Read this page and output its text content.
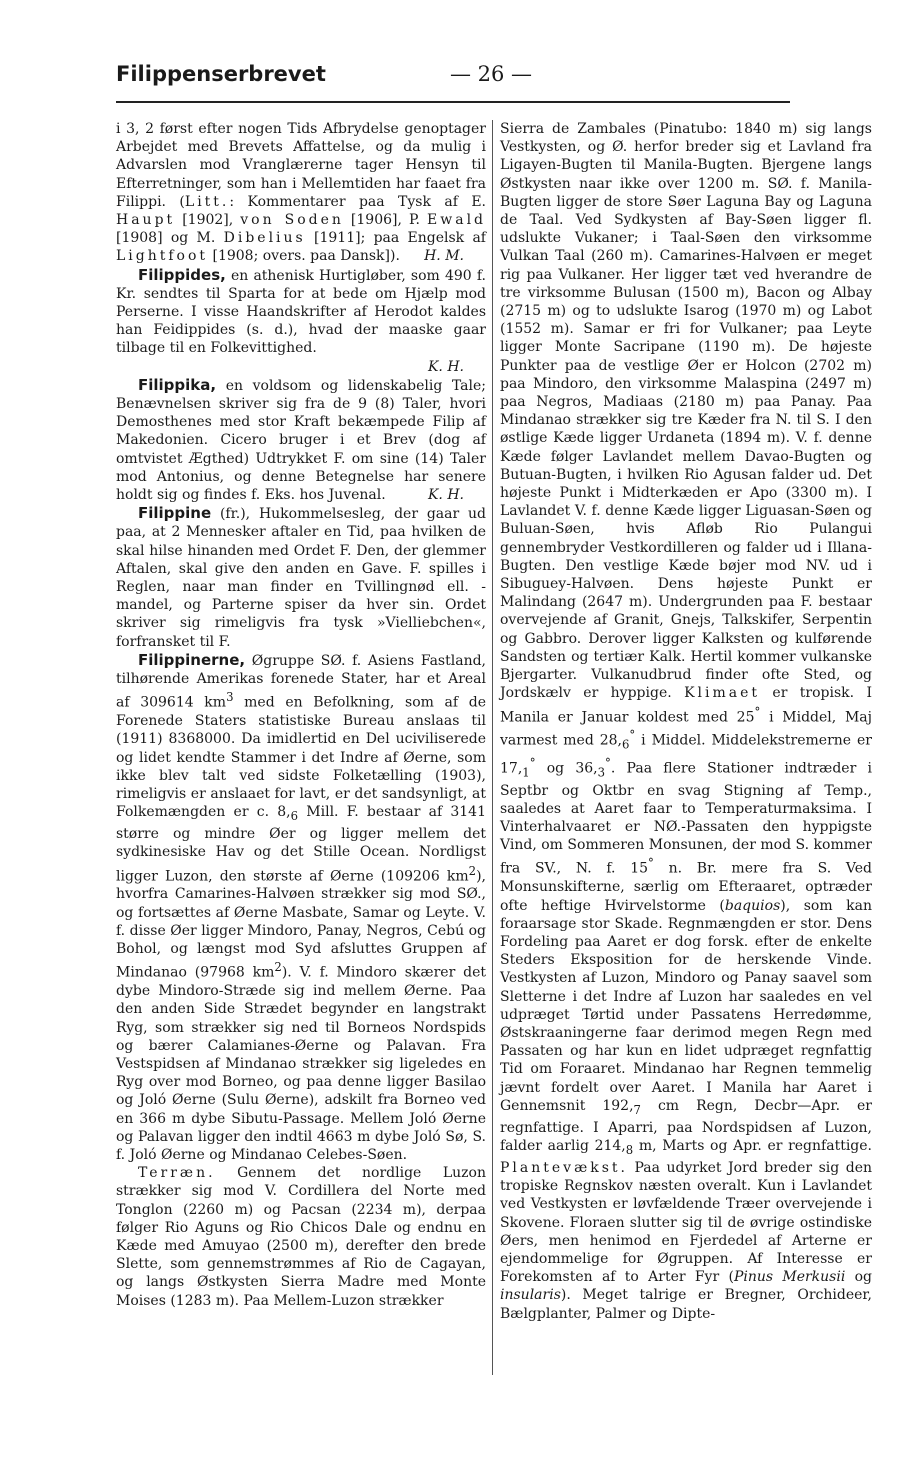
Filippenserbrevet	— 26 —

i 3, 2 først efter nogen Tids Afbrydelse genoptager Arbejdet med Brevets Affattelse, og da mulig i Advarslen mod Vranglærerne tager Hensyn til Efterretninger, som han i Mellemtiden har faaet fra Filippi. (Litt.: Kommentarer paa Tysk af E. Haupt [1902], von Soden [1906], P. Ewald [1908] og M. Dibelius [1911]; paa Engelsk af Lightfoot [1908; overs. paa Dansk]). H. M.

Filippides, en athenisk Hurtigløber, som 490 f. Kr. sendtes til Sparta for at bede om Hjælp mod Perserne. I visse Haandskrifter af Herodot kaldes han Feidippides (s. d.), hvad der maaske gaar tilbage til en Folkevittighed.
K. H.

Filippika, en voldsom og lidenskabelig Tale; Benævnelsen skriver sig fra de 9 (8) Taler, hvori Demosthenes med stor Kraft bekæmpede Filip af Makedonien. Cicero bruger i et Brev (dog af omtvistet Ægthed) Udtrykket F. om sine (14) Taler mod Antonius, og denne Betegnelse har senere holdt sig og findes f. Eks. hos Juvenal.	K. H.

Filippine (fr.), Hukommelsesleg, der gaar ud paa, at 2 Mennesker aftaler en Tid, paa hvilken de skal hilse hinanden med Ordet F. Den, der glemmer Aftalen, skal give den anden en Gave. F. spilles i Reglen, naar man finder en Tvillingnød ell. -mandel, og Parterne spiser da hver sin. Ordet skriver sig rimeligvis fra tysk »Vielliebchen«, forfransket til F.

Filippinerne, Øgruppe SØ. f. Asiens Fastland, tilhørende Amerikas forenede Stater, har et Areal af 309614 $km^3$ med en Befolkning, som af de Forenede Staters statistiske Bureau anslaas til (1911) 8368000. Da imidlertid en Del uciviliserede og lidet kendte Stammer i det Indre af Øerne, som ikke blev talt ved sidste Folketælling (1903), rimeligvis er anslaaet for lavt, er det sandsynligt, at Folkemængden er c. $8,_6$ Mill. F. bestaar af 3141 større og mindre Øer og ligger mellem det sydkinesiske Hav og det Stille Ocean. Nordligst ligger Luzon, den største af Øerne (109206 $km^2$), hvorfra Camarines-Halvøen strækker sig mod SØ., og fortsættes af Øerne Masbate, Samar og Leyte. V. f. disse Øer ligger Mindoro, Panay, Negros, Cebú og Bohol, og længst mod Syd afsluttes Gruppen af Mindanao (97968 $km^2$). V. f. Mindoro skærer det dybe Mindoro-Stræde sig ind mellem Øerne. Paa den anden Side Strædet begynder en langstrakt Ryg, som strækker sig ned til Borneos Nordspids og bærer Calamianes-Øerne og Palavan. Fra Vestspidsen af Mindanao strækker sig ligeledes en Ryg over mod Borneo, og paa denne ligger Basilao og Joló Øerne (Sulu Øerne), adskilt fra Borneo ved en 366 m dybe Sibutu-Passage. Mellem Joló Øerne og Palavan ligger den indtil 4663 m dybe Joló Sø, S. f. Joló Øerne og Mindanao Celebes-Søen.

Terræn. Gennem det nordlige Luzon strækker sig mod V. Cordillera del Norte med Tonglon (2260 m) og Pacsan (2234 m), derpaa følger Rio Aguns og Rio Chicos Dale og endnu en Kæde med Amuyao (2500 m), derefter den brede Slette, som gennemstrømmes af Rio de Cagayan, og langs Østkysten Sierra Madre med Monte Moises (1283 m). Paa Mellem-Luzon strækker

Sierra de Zambales (Pinatubo: 1840 m) sig langs Vestkysten, og Ø. herfor breder sig et Lavland fra Ligayen-Bugten til Manila-Bugten. Bjergene langs Østkysten naar ikke over 1200 m. SØ. f. Manila-Bugten ligger de store Søer Laguna Bay og Laguna de Taal. Ved Sydkysten af Bay-Søen ligger fl. udslukte Vukaner; i Taal-Søen den virksomme Vulkan Taal (260 m). Camarines-Halvøen er meget rig paa Vulkaner. Her ligger tæt ved hverandre de tre virksomme Bulusan (1500 m), Bacon og Albay (2715 m) og to udslukte Isarog (1970 m) og Labot (1552 m). Samar er fri for Vulkaner; paa Leyte ligger Monte Sacripane (1190 m). De højeste Punkter paa de vestlige Øer er Holcon (2702 m) paa Mindoro, den virksomme Malaspina (2497 m) paa Negros, Madiaas (2180 m) paa Panay. Paa Mindanao strækker sig tre Kæder fra N. til S. I den østlige Kæde ligger Urdaneta (1894 m). V. f. denne Kæde følger Lavlandet mellem Davao-Bugten og Butuan-Bugten, i hvilken Rio Agusan falder ud. Det højeste Punkt i Midterkæden er Apo (3300 m). I Lavlandet V. f. denne Kæde ligger Liguasan-Søen og Buluan-Søen, hvis Afløb Rio Pulangui gennembryder Vestkordilleren og falder ud i Illana-Bugten. Den vestlige Kæde bøjer mod NV. ud i Sibuguey-Halvøen. Dens højeste Punkt er Malindang (2647 m). Undergrunden paa F. bestaar overvejende af Granit, Gnejs, Talkskifer, Serpentin og Gabbro. Derover ligger Kalksten og kulførende Sandsten og tertiær Kalk. Hertil kommer vulkanske Bjergarter. Vulkanudbrud finder ofte Sted, og Jordskælv er hyppige. Klimaet er tropisk. I Manila er Januar koldest med 25° i Middel, Maj varmest med $28,_6^\circ$ i Middel. Middelekstremerne er $17,_1^\circ$ og $36,_3^\circ$. Paa flere Stationer indtræder i Septbr og Oktbr en svag Stigning af Temp., saaledes at Aaret faar to Temperaturmaksima. I Vinterhalvaaret er NØ.-Passaten den hyppigste Vind, om Sommeren Monsunen, der mod S. kommer fra SV., N. f. 15° n. Br. mere fra S. Ved Monsunskifterne, særlig om Efteraaret, optræder ofte heftige Hvirvelstorme (baquios), som kan foraarsage stor Skade. Regnmængden er stor. Dens Fordeling paa Aaret er dog forsk. efter de enkelte Steders Eksposition for de herskende Vinde. Vestkysten af Luzon, Mindoro og Panay saavel som Sletterne i det Indre af Luzon har saaledes en vel udpræget Tørtid under Passatens Herredømme, Østskraaningerne faar derimod megen Regn med Passaten og har kun en lidet udpræget regnfattig Tid om Foraaret. Mindanao har Regnen temmelig jævnt fordelt over Aaret. I Manila har Aaret i Gennemsnit $192,_7$ cm Regn, Decbr—Apr. er regnfattige. I Aparri, paa Nordspidsen af Luzon, falder aarlig $214,_8$ m, Marts og Apr. er regnfattige. Plantevækst. Paa udyrket Jord breder sig den tropiske Regnskov næsten overalt. Kun i Lavlandet ved Vestkysten er løvfældende Træer overvejende i Skovene. Floraen slutter sig til de øvrige ostindiske Øers, men henimod en Fjerdedel af Arterne er ejendommelige for Øgruppen. Af Interesse er Forekomsten af to Arter Fyr (Pinus Merkusii og insularis). Meget talrige er Bregner, Orchideer, Bælgplanter, Palmer og Dipte-
